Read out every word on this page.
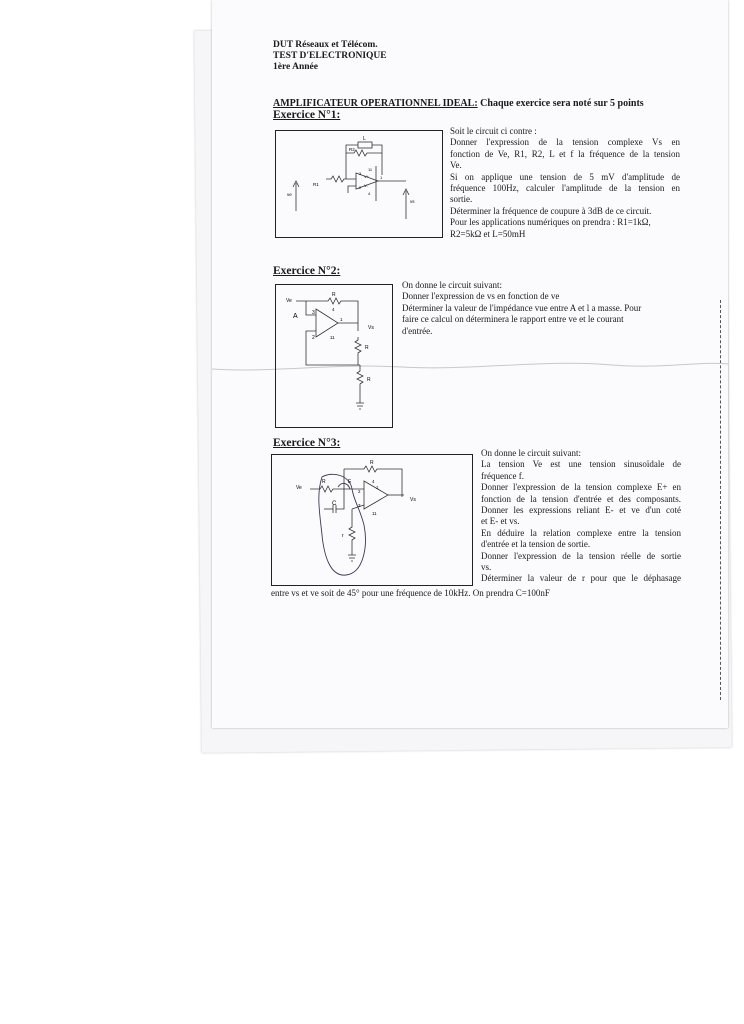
DUT Réseaux et Télécom.
TEST D'ELECTRONIQUE
1ère Année
AMPLIFICATEUR OPERATIONNEL IDEAL: Chaque exercice sera noté sur 5 points
Exercice N°1:
L
R2
R1
ve
vs
3
2
11
4
1
V+
V-

Soit le circuit ci contre :

Donner l'expression de la tension complexe Vs en

fonction de Ve, R1, R2, L et f la fréquence de la tension

Ve.

Si on applique une tension de 5 mV d'amplitude de

fréquence 100Hz, calculer l'amplitude de la tension en

sortie.

Déterminer la fréquence de coupure à 3dB de ce circuit.

Pour les applications numériques on prendra : R1=1kΩ,

R2=5kΩ et L=50mH

Exercice N°2:
Ve
A
R
R
R
Vs
3
2
4
11
1

On donne le circuit suivant:

Donner l'expression de vs en fonction de ve

Déterminer la valeur de l'impédance vue entre A et l a masse. Pour

faire ce calcul on déterminera le rapport entre ve et le courant

d'entrée.

Exercice N°3:
R
R
Ve
Vs
C
r
1
2
3
4
11
E

On donne le circuit suivant:

La tension Ve est une tension sinusoïdale de

fréquence f.

Donner l'expression de la tension complexe E+ en

fonction de la tension d'entrée et des composants.

Donner les expressions reliant E- et ve d'un coté

et E- et vs.

En déduire la relation complexe entre la tension

d'entrée et la tension de sortie.

Donner l'expression de la tension réelle de sortie

vs.

Déterminer la valeur de r pour que le déphasage

entre vs et ve soit de 45° pour une fréquence de 10kHz. On prendra C=100nF
